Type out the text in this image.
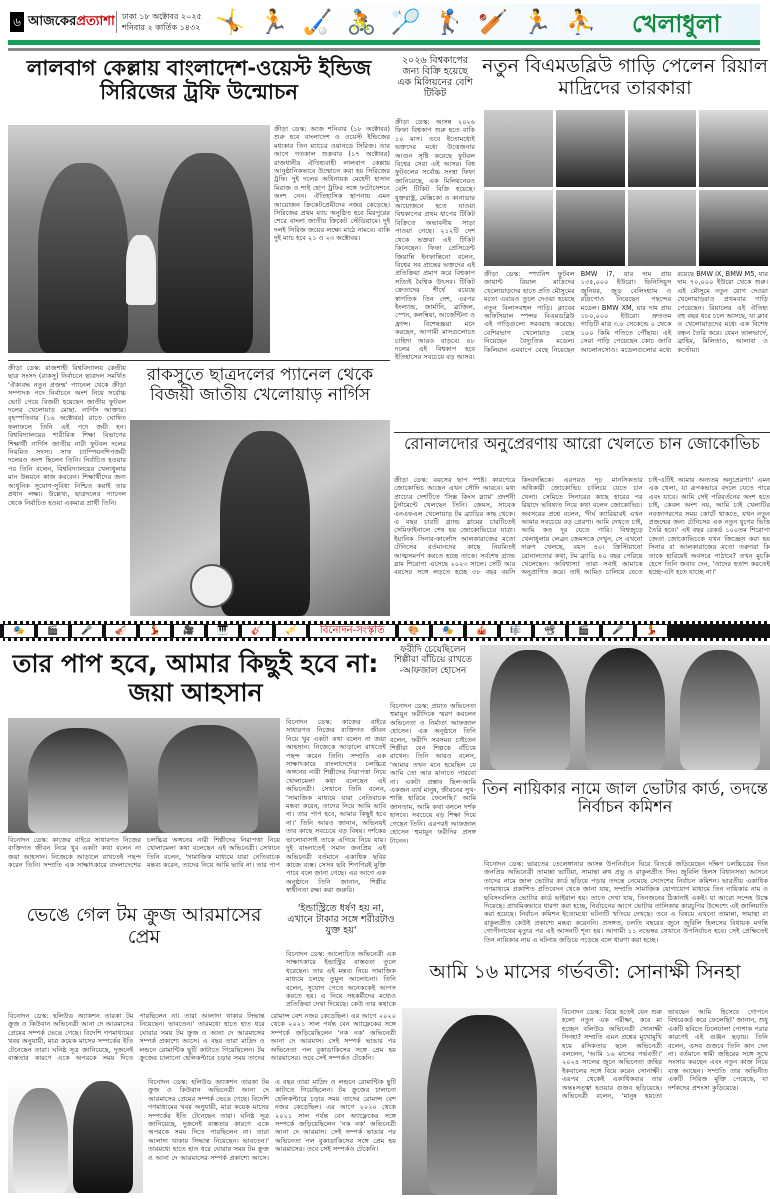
৬ আজকেরপ্রত্যাশা ঢাকা ১৮ অক্টোবর ২০২৫
শনিবার ২ কার্তিক ১৪৩২ 🤸 🏃 🏑 🚴 🏸 🏌 🏏 🏃 ⛹ খেলাধুলা
লালবাগ কেল্লায় বাংলাদেশ-ওয়েস্ট ইন্ডিজ সিরিজের ট্রফি উন্মোচন
ক্রীড়া ডেস্ক: আজ শনিবার (১৮ অক্টোবর) শুরু হবে বাংলাদেশ ও ওয়েস্ট ইন্ডিজের মধ্যকার তিন ম্যাচের ওয়ানডে সিরিজ। তার আগে গতকাল শুক্রবার (১৭ অক্টোবর) রাজধানীর ঐতিহ্যবাহী লালবাগ কেল্লায় আনুষ্ঠানিকভাবে উন্মোচন করা হয় সিরিজের ট্রফি। দুই দলের অধিনায়ক মেহেদী হাসান মিরাজ ও শাই হোপ ট্রফির সঙ্গে ফটোসেশনে অংশ নেন। ঐতিহাসিক স্থাপনায় এমন আয়োজন ক্রিকেটপ্রেমীদের নজর কেড়েছে। সিরিজের প্রথম ম্যাচ অনুষ্ঠিত হবে মিরপুরের শেরে বাংলা জাতীয় ক্রিকেট স্টেডিয়ামে। দুই দলই সিরিজ জয়ের লক্ষ্যে মাঠে নামবে। বাকি দুই ম্যাচ হবে ২১ ও ২৩ অক্টোবর।
২০২৬ বিশ্বকাপের জন্য বিক্রি হয়েছে এক মিলিয়নের বেশি টিকিট
ক্রীড়া ডেস্ক: আসন্ন ২০২৬ ফিফা বিশ্বকাপ শুরু হতে বাকি ১০ মাস। তবে ইতোমধ্যেই ভক্তদের মধ্যে উত্তেজনার আগুন সৃষ্টি করেছে ফুটবল বিশ্বের সেরা এই আসর। বিশ্ব ফুটবলের সর্বোচ্চ সংস্থা ফিফা জানিয়েছে, এক মিলিয়নেরও বেশি টিকিট বিক্রি হয়েছে। যুক্তরাষ্ট্র, মেক্সিকো ও কানাডার আয়োজনে হতে যাওয়া বিশ্বকাপের প্রথম ধাপের টিকিট বিক্রিতে অভাবনীয় সাড়া পাওয়া গেছে। ২১২টি দেশ থেকে ভক্তরা এই টিকিট কিনেছেন। ফিফা প্রেসিডেন্ট জিয়ান্নি ইনফান্তিনো বলেন, বিশ্বের সব প্রান্তের ভক্তদের এই প্রতিক্রিয়া প্রমাণ করে বিশ্বকাপ সত্যিই বৈশ্বিক উৎসব। টিকিট ক্রেতাদের শীর্ষে রয়েছে স্বাগতিক তিন দেশ, এরপর ইংল্যান্ড, জার্মানি, ব্রাজিল, স্পেন, কলম্বিয়া, আর্জেন্টিনা ও ফ্রান্স। বিশেষজ্ঞরা মনে করছেন, আগামী মাসগুলোতে চাহিদা আরও বাড়বে। ৪৮ দলের এই বিশ্বকাপ হবে ইতিহাসের সবচেয়ে বড় আসর।
নতুন বিএমডব্লিউ গাড়ি পেলেন রিয়াল মাদ্রিদের তারকারা
ক্রীড়া ডেস্ক: স্প্যানিশ ফুটবল জায়ান্ট রিয়াল মাদ্রিদের খেলোয়াড়দের হাতে প্রতি মৌসুমের মতো এবারও তুলে দেওয়া হয়েছে নতুন বিলাসবহুল গাড়ি। ক্লাবের অফিসিয়াল স্পন্সর বিএমডব্লিউ এই গাড়িগুলো সরবরাহ করেছে। বেশিরভাগ খেলোয়াড় বেছে নিয়েছেন বৈদ্যুতিক মডেল। কিলিয়ান এমবাপে বেছে নিয়েছেন BMW i7, যার দাম প্রায় ১৩৫,০০০ ইউরো। ভিনিসিয়ুস জুনিয়র, জুড বেলিংহ্যাম ও রদ্রিগোও নিয়েছেন পছন্দের মডেল। BMW XM, যার দাম প্রায় ১৮০,০০০ ইউরো। দ্রুততম গাড়িটি মাত্র ৩.৮ সেকেন্ডে ০ থেকে ১০০ কিমি গতিতে পৌঁছায়। এই সেরা গাড়ি পেয়েছেন কোচ জাবি আলোনসোও। মডেলগুলোর মধ্যে রয়েছে BMW iX, BMW M5, যার দাম ৭০,০০০ ইউরো থেকে শুরু। এই মৌসুমে নতুন যোগ দেওয়া খেলোয়াড়রাও প্রথমবার গাড়ি পেয়েছেন। রিয়ালের এই ঐতিহ্য বহু বছর ধরে চলে আসছে, যা ক্লাব ও খেলোয়াড়দের মধ্যে এক বিশেষ বন্ধন তৈরি করে। যেমন ভালভার্দে, ব্রাহিম, মিলিতাও, আলাবা ও কর্তোয়া।
রাকসুতে ছাত্রদলের প্যানেল থেকে বিজয়ী জাতীয় খেলোয়াড় নার্গিস
ক্রীড়া ডেস্ক: রাজশাহী বিশ্ববিদ্যালয় কেন্দ্রীয় ছাত্র সংসদ (রাকসু) নির্বাচনে ছাত্রদল সমর্থিত 'ঐক্যবদ্ধ নতুন প্রজন্ম' প্যানেল থেকে ক্রীড়া সম্পাদক পদে নির্বাচনে অংশ নিয়ে সর্বোচ্চ ভোট পেয়ে বিজয়ী হয়েছেন জাতীয় ফুটবল দলের খেলোয়াড় মোছা. নার্গিস আক্তার। বৃহস্পতিবার (১৬ অক্টোবর) রাতে ঘোষিত ফলাফলে তিনি এই পদে জয়ী হন। বিশ্ববিদ্যালয়ের শারীরিক শিক্ষা বিভাগের শিক্ষার্থী নার্গিস জাতীয় নারী ফুটবল দলের নিয়মিত সদস্য। সাফ চ্যাম্পিয়নশিপজয়ী দলেরও অংশ ছিলেন তিনি। নির্বাচিত হওয়ার পর তিনি বলেন, বিশ্ববিদ্যালয়ের খেলাধুলার মান উন্নয়নে কাজ করবেন। শিক্ষার্থীদের জন্য আধুনিক সুযোগ-সুবিধা নিশ্চিত করাই তার প্রধান লক্ষ্য। উল্লেখ্য, ছাত্রদলের প্যানেল থেকে নির্বাচিত হওয়া একমাত্র প্রার্থী তিনি।
রোনালদোর অনুপ্রেরণায় আরো খেলতে চান জোকোভিচ
ক্রীড়া ডেস্ক: বয়সের ছাপ স্পষ্ট। কারণেরে জোকোভিচ আছেন এখন সৌদি আরবে। মধ্য প্রাচ্যের দেশটিতে 'সিক্স কিংস স্ল্যাম' প্রদর্শনী টুর্নামেন্টে খেলছেন তিনি। জেমস, সাবেক এনএফএল খেলোয়াড় টম ব্র্যাডির কাছ থেকে। এ বছর চারটি গ্র্যান্ড স্লামের চারটিতেই সেমিফাইনালে শেষ হয় জোকোভিচের যাত্রা। ইয়ানিক সিনার-কার্লোস আলকারাজের মতো টেনিসের বর্তমানদের কাছে নিয়মিতই আত্মসমর্পণ করতে হচ্ছে তাকে। সর্বশেষ গ্র্যান্ড স্লাম শিরোপা এসেছে ২০২৩ সালে। সেটি আর বয়সের সঙ্গে লড়তে হচ্ছে ৩৮ বছর বয়সি কিংবদন্তিকে। এরপরও দৃঢ় মানসিকতার অধিকারী জোকোভিচ চালিয়ে যেতে চান খেলা। সেমিতে সিনারের কাছে হারের পর রিয়াদে ভবিষ্যত নিয়ে কথা বলেন জোকোভিচ। অবসরের প্রশ্নে বলেন, 'দীর্ঘ ক্যারিয়ারই এখন আমার সবচেয়ে বড় প্রেরণা। আমি দেখতে চাই, আমি কত দূর যেতে পারি। বিশ্বজুড়ে খেলাধুলায় লেব্রন জেমসকে দেখুন, সে এখনো দারুণ খেলছে, বয়স ৪০। ক্রিস্টিয়ানো রোনালদোর কথা, টম ব্র্যাডি ৪০ বছর পেরিয়ে খেলেছেন। অবিশ্বাস্য! তারা সবাই আমাকে অনুপ্রাণিত করে। তাই আমিও চালিয়ে যেতে চাই-এটিই আমার অন্যতম অনুপ্রেরণা।' এমন এক খেলা, যা রূপকভাবে বদলে যেতে পারে এবং যাবে। আমি সেই পরিবর্তনের অংশ হতে চাই, কেবল অংশ নয়, আমি চাই খেলাটির নবজাগরণের সময় কোর্টে থাকতে, যখন নতুন প্রজন্মের জন্য টেনিসের এক নতুন যুগের ভিত্তি তৈরি হবে।' এই বছর রেকর্ড ১০০তম শিরোপা জেতা জোকোভিচকে যখন জিজ্ঞেস করা হয় সিনার বা আলকারাজের মতো তরুণরা কি তাকে হারিয়েই অবসরে পাঠাবে? তখন মুচকি হেসে তিনি জবাব দেন, 'তাদের হতাশ করতেই হচ্ছে-এটা হতে যাচ্ছে না।'
🎭	🎬	🎤	🎻	💃	🎥	🎹	🎸	🎺	বিনোদন-সংস্কৃতি	🎨	🎭	🎪	🎼	📽	🎬	🎤	💃
তার পাপ হবে, আমার কিছুই হবে না: জয়া আহসান
বিনোদন ডেস্ক: কাজের বাইরে সাধারণত নিজের ব্যক্তিগত জীবন নিয়ে খুব একটা কথা বলেন না জয়া আহসান। নিজেকে আড়ালে রাখতেই পছন্দ করেন তিনি। সম্প্রতি এক সাক্ষাৎকারে বাংলাদেশের চলচ্চিত্র অঙ্গনের নারী শিল্পীদের নিরাপত্তা নিয়ে খোলামেলা কথা বলেছেন এই অভিনেত্রী। সেখানে তিনি বলেন, 'সামাজিক মাধ্যমে যারা নেতিবাচক মন্তব্য করেন, তাদের নিয়ে আমি ভাবি না। তার পাপ হবে, আমার কিছুই হবে না।' তিনি আরও জানান, অভিনয়ই তার কাছে সবচেয়ে বড় বিষয়। দর্শকের ভালোবাসাই তাকে এগিয়ে নিয়ে যায়। দুই বাংলাতেই সমান জনপ্রিয় এই অভিনেত্রী বর্তমানে একাধিক ছবির কাজে ব্যস্ত। সেসব ছবি শিগগিরই মুক্তি পাবে বলে জানা গেছে। এর আগে এক অনুষ্ঠানে তিনি জানান, শিল্পীর স্বাধীনতা রক্ষা করা জরুরি।
বিনোদন ডেস্ক: কাজের বাইরে সাধারণত নিজের ব্যক্তিগত জীবন নিয়ে খুব একটা কথা বলেন না জয়া আহসান। নিজেকে আড়ালে রাখতেই পছন্দ করেন তিনি। সম্প্রতি এক সাক্ষাৎকারে বাংলাদেশের চলচ্চিত্র অঙ্গনের নারী শিল্পীদের নিরাপত্তা নিয়ে খোলামেলা কথা বলেছেন এই অভিনেত্রী। সেখানে তিনি বলেন, 'সামাজিক মাধ্যমে যারা নেতিবাচক মন্তব্য করেন, তাদের নিয়ে আমি ভাবি না। তার পাপ
ফরীদি চেয়েছিলেন শিল্পীরা বাঁচিয়ে রাখতে -আফজাল হোসেন
বিনোদন ডেস্ক: প্রয়াত অভিনেতা হুমায়ুন ফরীদিকে স্মরণ করলেন অভিনেতা ও নির্মাতা আফজাল হোসেন। এক অনুষ্ঠানে তিনি বলেন, ফরীদি সবসময় চাইতেন শিল্পীরা যেন শিল্পকে বাঁচিয়ে রাখেন। তিনি আরও বলেন, 'আমার তখন মনে হয়েছিল যে আমি তো আর মানাতে পারবো না। একটা প্রস্তাব ছিল-আমি একজন ব্যর্থ মানুষ, জীবনের সুখ-শান্তি হারিয়ে ফেলেছি।' আমি জানতাম, আমি কথা বললে দর্শক হাসবে। সবচেয়ে বড় শিক্ষা দিয়ে গেছেন তিনি। এরপরই আফজাল হোসেন হুমায়ুন ফরীদির প্রসঙ্গ টানেন।
'ইন্ডাস্ট্রিতে ধর্ষণ হয় না, এখানে টাকার সঙ্গে শরীরটাও যুক্ত হয়'
বিনোদন ডেস্ক: আলোচিত অভিনেত্রী এক সাক্ষাৎকারে ইন্ডাস্ট্রির বাস্তবতা তুলে ধরেছেন। তার এই মন্তব্য নিয়ে সামাজিক মাধ্যমে চলছে তুমুল আলোচনা। তিনি বলেন, সুযোগ পেতে অনেককেই আপস করতে হয়। এ নিয়ে সহকর্মীদের মধ্যেও প্রতিক্রিয়া দেখা দিয়েছে। কেউ তার কথাকে
তিন নায়িকার নামে জাল ভোটার কার্ড, তদন্তে নির্বাচন কমিশন
বিনোদন ডেস্ক: ভারতের তেলেঙ্গানার আসন্ন উপনির্বাচন ঘিরে বিতর্কে জড়িয়েছেন দক্ষিণ চলচ্চিত্রের তিন জনপ্রিয় অভিনেত্রী তামান্না ভাটিয়া, সামান্থা রুথ প্রভু ও রাকুলপ্রীত সিং। জুবিলি হিলস বিধানসভা আসনে তাদের নামে জাল ভোটার কার্ড ছড়িয়ে পড়ার তদন্তে নেমেছে সেদেশের নির্বাচন কমিশন। ভারতীয় একাধিক গণমাধ্যমে প্রকাশিত প্রতিবেদন থেকে জানা যায়, সম্প্রতি সামাজিক যোগাযোগ মাধ্যমে তিন নায়িকার নাম ও ছবিসংবলিত ভোটার কার্ড ভাইরাল হয়। তাতে দেখা যায়, তিনজনের ঠিকানাই একই। যা আরো সন্দেহ উস্কে দিয়েছে। প্রাথমিকভাবে ধারণা করা হচ্ছে, নির্বাচনের আগে ভোটার তালিকায় কারচুপির উদ্দেশ্যে এই জালিয়াতি করা হয়েছে। নির্বাচন কমিশন ইতোমধ্যে ঘটনাটি খতিয়ে দেখছে। তবে এ বিষয়ে এখনো তামান্না, সামান্থা বা রাকুলপ্রীত কেউই প্রকাশ্যে মন্তব্য করেননি। প্রসঙ্গত, চলতি বছরের জুনে জুবিলি হিলসের বিধায়ক মগন্তি গোপীনাথের মৃত্যুর পর এই আসনটি শূন্য হয়। আগামী ১১ নভেম্বর সেখানে উপনির্বাচন হবে। সেই প্রেক্ষিতেই তিন নায়িকার নাম এ ঘটনায় জড়িয়ে পড়েছে বলে ধারণা করা হচ্ছে।
ভেঙে গেল টম ক্রুজ আরমাসের প্রেম
বিনোদন ডেস্ক: হলিউড অ্যাকশন তারকা টম ক্রুজ ও কিউবান অভিনেত্রী আনা দে আরমাসের প্রেমের সম্পর্ক ভেঙে গেছে। বিদেশি গণমাধ্যমের খবর অনুযায়ী, মাত্র কয়েক মাসের সম্পর্কের ইতি টেনেছেন তারা। ঘনিষ্ঠ সূত্র জানিয়েছে, দুজনেই ব্যস্ততার কারণে একে অপরকে সময় দিতে পারছিলেন না। তারা আলাদা থাকার সিদ্ধান্ত নিয়েছেন। ভাবতেন।' তারমধ্যে হাতে হাত ধরে ঘোরার সময় টম ক্রুজ ও আনা দে আরমাসের সম্পর্ক প্রকাশ্যে আসে। এ বছর তারা মাদ্রিদ ও লন্ডনে রোমান্টিক ছুটি কাটাতে গিয়েছিলেন। টম ক্রুজের চালানো হেলিকপ্টারে চড়ার সময় তাদের রোমান্স বেশ নজর কেড়েছিল। এর আগে ২০২০ থেকে ২০২১ সাল পর্যন্ত বেন অ্যাফ্লেকের সঙ্গে সম্পর্কে জড়িয়েছিলেন 'নক নক' অভিনেত্রী আনা দে আরমাস। সেই সম্পর্ক ভাঙার পর অভিনেতা পল বুকাডাকিসের সঙ্গে প্রেম হয় আরমাসের। তবে সেই সম্পর্কও টেকেনি।
বিনোদন ডেস্ক: হলিউড অ্যাকশন তারকা টম ক্রুজ ও কিউবান অভিনেত্রী আনা দে আরমাসের প্রেমের সম্পর্ক ভেঙে গেছে। বিদেশি গণমাধ্যমের খবর অনুযায়ী, মাত্র কয়েক মাসের সম্পর্কের ইতি টেনেছেন তারা। ঘনিষ্ঠ সূত্র জানিয়েছে, দুজনেই ব্যস্ততার কারণে একে অপরকে সময় দিতে পারছিলেন না। তারা আলাদা থাকার সিদ্ধান্ত নিয়েছেন। ভাবতেন।' তারমধ্যে হাতে হাত ধরে ঘোরার সময় টম ক্রুজ ও আনা দে আরমাসের সম্পর্ক প্রকাশ্যে আসে। এ বছর তারা মাদ্রিদ ও লন্ডনে রোমান্টিক ছুটি কাটাতে গিয়েছিলেন। টম ক্রুজের চালানো হেলিকপ্টারে চড়ার সময় তাদের রোমান্স বেশ নজর কেড়েছিল। এর আগে ২০২০ থেকে ২০২১ সাল পর্যন্ত বেন অ্যাফ্লেকের সঙ্গে সম্পর্কে জড়িয়েছিলেন 'নক নক' অভিনেত্রী আনা দে আরমাস। সেই সম্পর্ক ভাঙার পর অভিনেতা পল বুকাডাকিসের সঙ্গে প্রেম হয় আরমাসের। তবে সেই সম্পর্কও টেকেনি।
আমি ১৬ মাসের গর্ভবতী: সোনাক্ষী সিনহা
বিনোদন ডেস্ক: বিয়ে হতেই যেন শুরু হলো নতুন এক পরীক্ষা, কবে মা হচ্ছেন বলিউড অভিনেত্রী সোনাক্ষী সিনহা? সম্প্রতি এমন প্রশ্নের মুখোমুখি হয়ে রসিকতার ছলে অভিনেত্রী বললেন, 'আমি ১৬ মাসের গর্ভবতী।' ২০২৪ সালের জুনে অভিনেতা জহির ইকবালের সঙ্গে বিয়ে করেন সোনাক্ষী। এরপর থেকেই একাধিকবার তার অন্তঃসত্ত্বা হওয়ার গুজব ছড়িয়েছে। অভিনেত্রী বলেন, 'মানুষ হয়তো ভাবছেন আমি হিসেবে গোপনে বিশ্বরেকর্ড করে ফেলেছি!' জানান, শুধু একটি ছবিতে ঢিলেঢালা পোশাক পরার কারণেই এই গুঞ্জন ছড়ায়। তিনি বলেন, এসব গুজবে তিনি কান দেন না। বর্তমানে স্বামী জহিরের সঙ্গে সুখে সংসার করছেন এবং নতুন কাজ নিয়ে ব্যস্ত আছেন। সম্প্রতি তার অভিনীত একটি সিরিজ মুক্তি পেয়েছে, যা দর্শকদের প্রশংসা কুড়িয়েছে।
